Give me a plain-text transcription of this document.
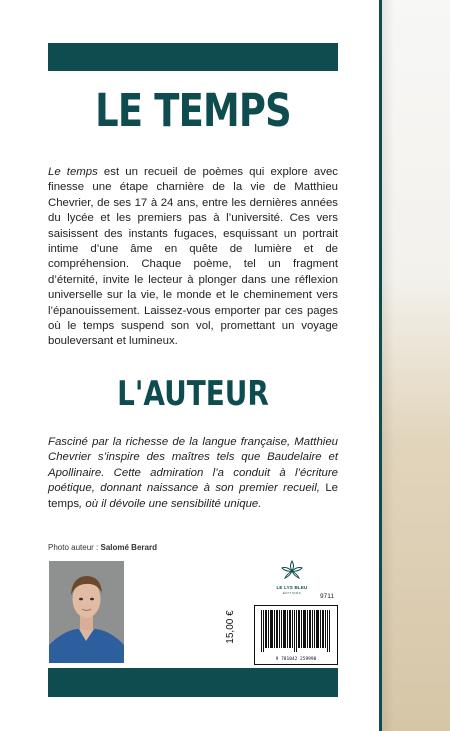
LE TEMPS

Le temps est un recueil de poèmes qui explore avec finesse une étape charnière de la vie de Matthieu Chevrier, de ses 17 à 24 ans, entre les dernières années du lycée et les premiers pas à l’université. Ces vers saisissent des instants fugaces, esquissant un portrait intime d’une âme en quête de lumière et de compréhension. Chaque poème, tel un fragment d’éternité, invite le lecteur à plonger dans une réflexion universelle sur la vie, le monde et le cheminement vers l’épanouissement. Laissez-vous emporter par ces pages où le temps suspend son vol, promettant un voyage bouleversant et lumineux.

L'AUTEUR

Fasciné par la richesse de la langue française, Matthieu Chevrier s’inspire des maîtres tels que Baudelaire et Apollinaire. Cette admiration l’a conduit à l’écriture poétique, donnant naissance à son premier recueil, Le temps, où il dévoile une sensibilité unique.

Photo auteur : Salomé Berard
LE LYS BLEU
ÉDITIONS	9711
9 781042 259990
15,00 €
